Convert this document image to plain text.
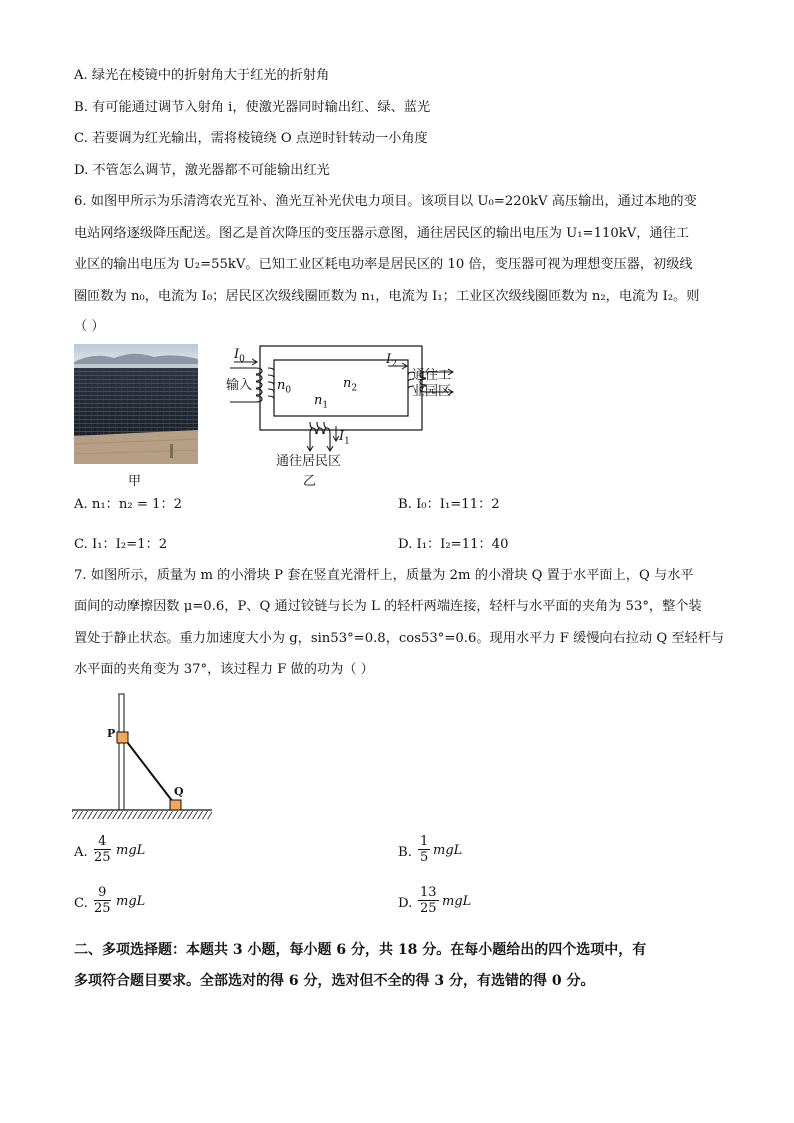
A. 绿光在棱镜中的折射角大于红光的折射角
B. 有可能通过调节入射角 i，使激光器同时输出红、绿、蓝光
C. 若要调为红光输出，需将棱镜绕 O 点逆时针转动一小角度
D. 不管怎么调节，激光器都不可能输出红光
6. 如图甲所示为乐清湾农光互补、渔光互补光伏电力项目。该项目以 U₀=220kV 高压输出，通过本地的变
电站网络逐级降压配送。图乙是首次降压的变压器示意图，通往居民区的输出电压为 U₁=110kV，通往工
业区的输出电压为 U₂=55kV。已知工业区耗电功率是居民区的 10 倍，变压器可视为理想变压器，初级线
圈匝数为 n₀，电流为 I₀；居民区次级线圈匝数为 n₁，电流为 I₁；工业区次级线圈匝数为 n₂，电流为 I₂。则
（ ）
甲
$I_0$
输入 $n_0$	$n_2$
$I_2$
通往工
业园区
$n_1$
$I_1$
通往居民区
乙
A. n₁：n₂ = 1：2	B. I₀：I₁=11：2
C. I₁：I₂=1：2	D. I₁：I₂=11：40
7. 如图所示，质量为 m 的小滑块 P 套在竖直光滑杆上，质量为 2m 的小滑块 Q 置于水平面上，Q 与水平
面间的动摩擦因数 μ=0.6，P、Q 通过铰链与长为 L 的轻杆两端连接，轻杆与水平面的夹角为 53°，整个装
置处于静止状态。重力加速度大小为 g，sin53°=0.8，cos53°=0.6。现用水平力 F 缓慢向右拉动 Q 至轻杆与
水平面的夹角变为 37°，该过程力 F 做的功为（ ）
P
Q
A. $\frac{4}{25}$ mgL	B. $\frac{1}{5}$ mgL
C. $\frac{9}{25}$ mgL	D. $\frac{13}{25}$ mgL
二、多项选择题：本题共 3 小题，每小题 6 分，共 18 分。在每小题给出的四个选项中，有
多项符合题目要求。全部选对的得 6 分，选对但不全的得 3 分，有选错的得 0 分。
